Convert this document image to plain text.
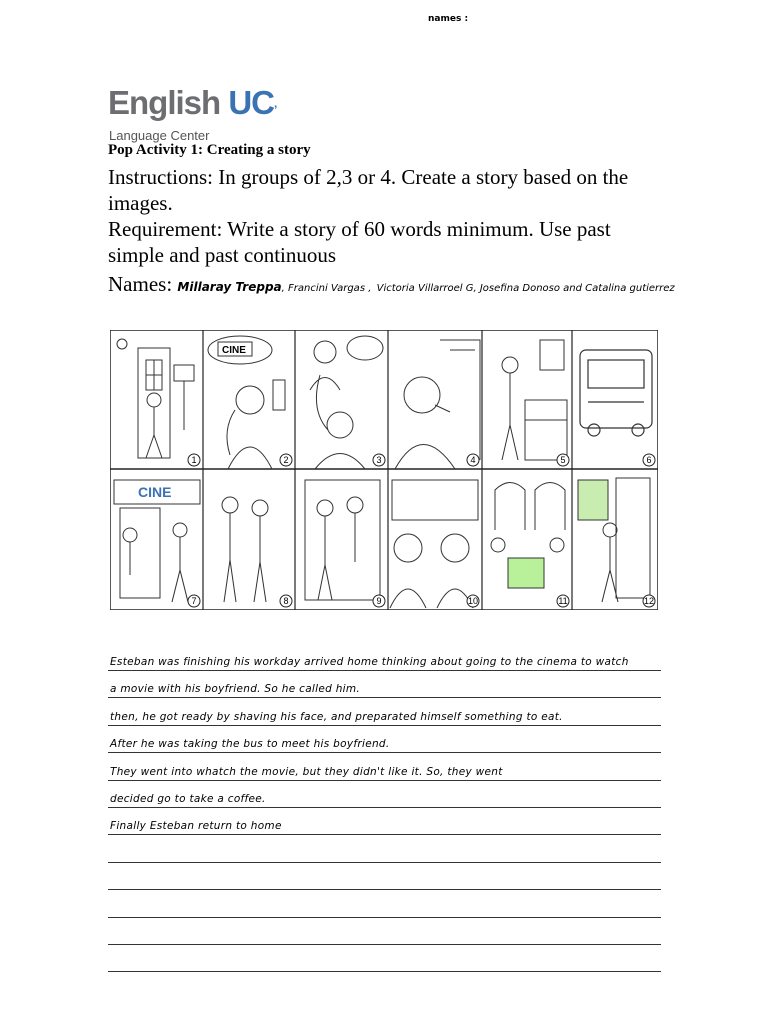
names :
English UC’
Language Center
Pop Activity 1: Creating a story
Instructions: In groups of 2,3 or 4. Create a story based on the images.
Requirement: Write a story of 60 words minimum. Use past simple and past continuous
Names: Millaray Treppa, Francini Vargas , Victoria Villarroel G, Josefina Donoso and Catalina gutierrez
CINE
CINE
1	2	3	4	5	6
7	8	9	10	11	12
Esteban was finishing his workday arrived home thinking about going to the cinema to watch
a movie with his boyfriend. So he called him.
then, he got ready by shaving his face, and preparated himself something to eat.
After he was taking the bus to meet his boyfriend.
They went into whatch the movie, but they didn't like it. So, they went
decided go to take a coffee.
Finally Esteban return to home
